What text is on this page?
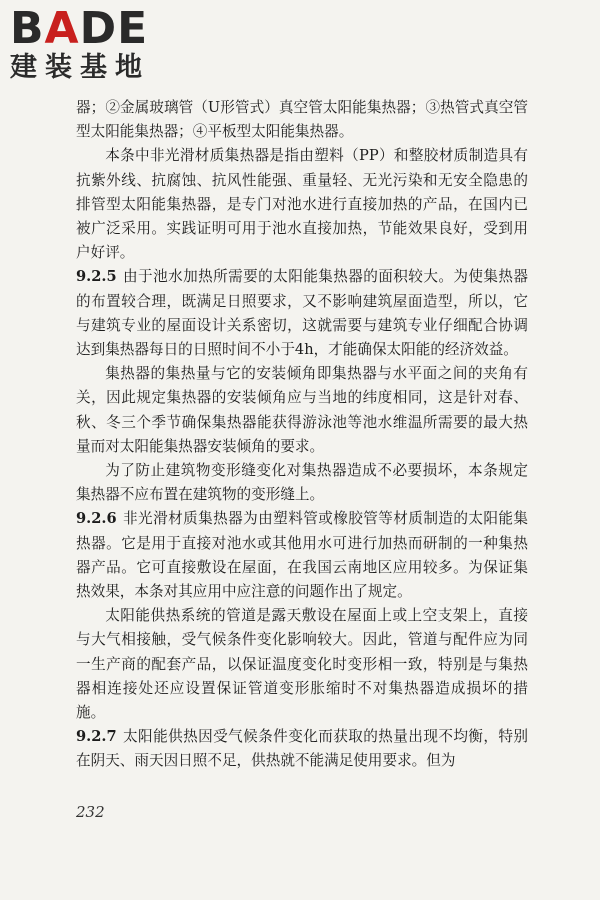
BADE
建装基地

器；②金属玻璃管（U形管式）真空管太阳能集热器；③热管式真空管型太阳能集热器；④平板型太阳能集热器。

本条中非光滑材质集热器是指由塑料（PP）和整胶材质制造具有抗紫外线、抗腐蚀、抗风性能强、重量轻、无光污染和无安全隐患的排管型太阳能集热器，是专门对池水进行直接加热的产品，在国内已被广泛采用。实践证明可用于池水直接加热，节能效果良好，受到用户好评。

9.2.5 由于池水加热所需要的太阳能集热器的面积较大。为使集热器的布置较合理，既满足日照要求，又不影响建筑屋面造型，所以，它与建筑专业的屋面设计关系密切，这就需要与建筑专业仔细配合协调达到集热器每日的日照时间不小于4h，才能确保太阳能的经济效益。

集热器的集热量与它的安装倾角即集热器与水平面之间的夹角有关，因此规定集热器的安装倾角应与当地的纬度相同，这是针对春、秋、冬三个季节确保集热器能获得游泳池等池水维温所需要的最大热量而对太阳能集热器安装倾角的要求。

为了防止建筑物变形缝变化对集热器造成不必要损坏，本条规定集热器不应布置在建筑物的变形缝上。

9.2.6 非光滑材质集热器为由塑料管或橡胶管等材质制造的太阳能集热器。它是用于直接对池水或其他用水可进行加热而研制的一种集热器产品。它可直接敷设在屋面，在我国云南地区应用较多。为保证集热效果，本条对其应用中应注意的问题作出了规定。

太阳能供热系统的管道是露天敷设在屋面上或上空支架上，直接与大气相接触，受气候条件变化影响较大。因此，管道与配件应为同一生产商的配套产品，以保证温度变化时变形相一致，特别是与集热器相连接处还应设置保证管道变形胀缩时不对集热器造成损坏的措施。

9.2.7 太阳能供热因受气候条件变化而获取的热量出现不均衡，特别在阴天、雨天因日照不足，供热就不能满足使用要求。但为

232
